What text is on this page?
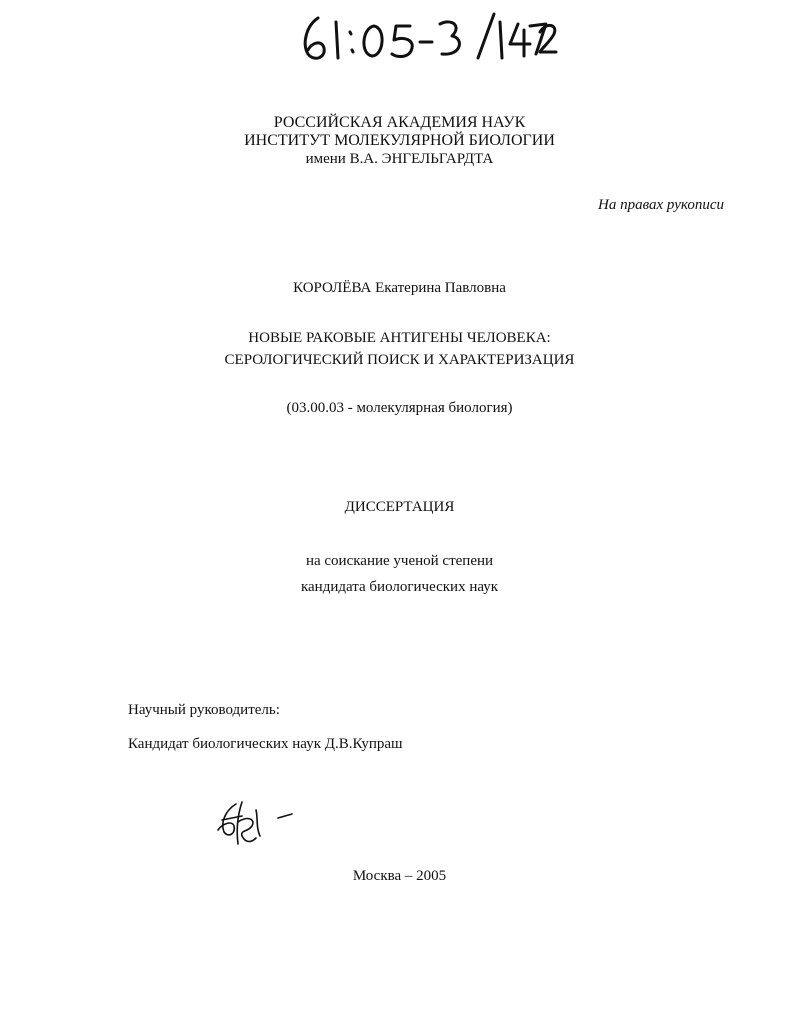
РОССИЙСКАЯ АКАДЕМИЯ НАУК
ИНСТИТУТ МОЛЕКУЛЯРНОЙ БИОЛОГИИ
имени В.А. ЭНГЕЛЬГАРДТА
На правах рукописи
КОРОЛЁВА Екатерина Павловна
НОВЫЕ РАКОВЫЕ АНТИГЕНЫ ЧЕЛОВЕКА:
СЕРОЛОГИЧЕСКИЙ ПОИСК И ХАРАКТЕРИЗАЦИЯ
(03.00.03 - молекулярная биология)
ДИССЕРТАЦИЯ
на соискание ученой степени
кандидата биологических наук
Научный руководитель:
Кандидат биологических наук Д.В.Купраш
Москва – 2005
